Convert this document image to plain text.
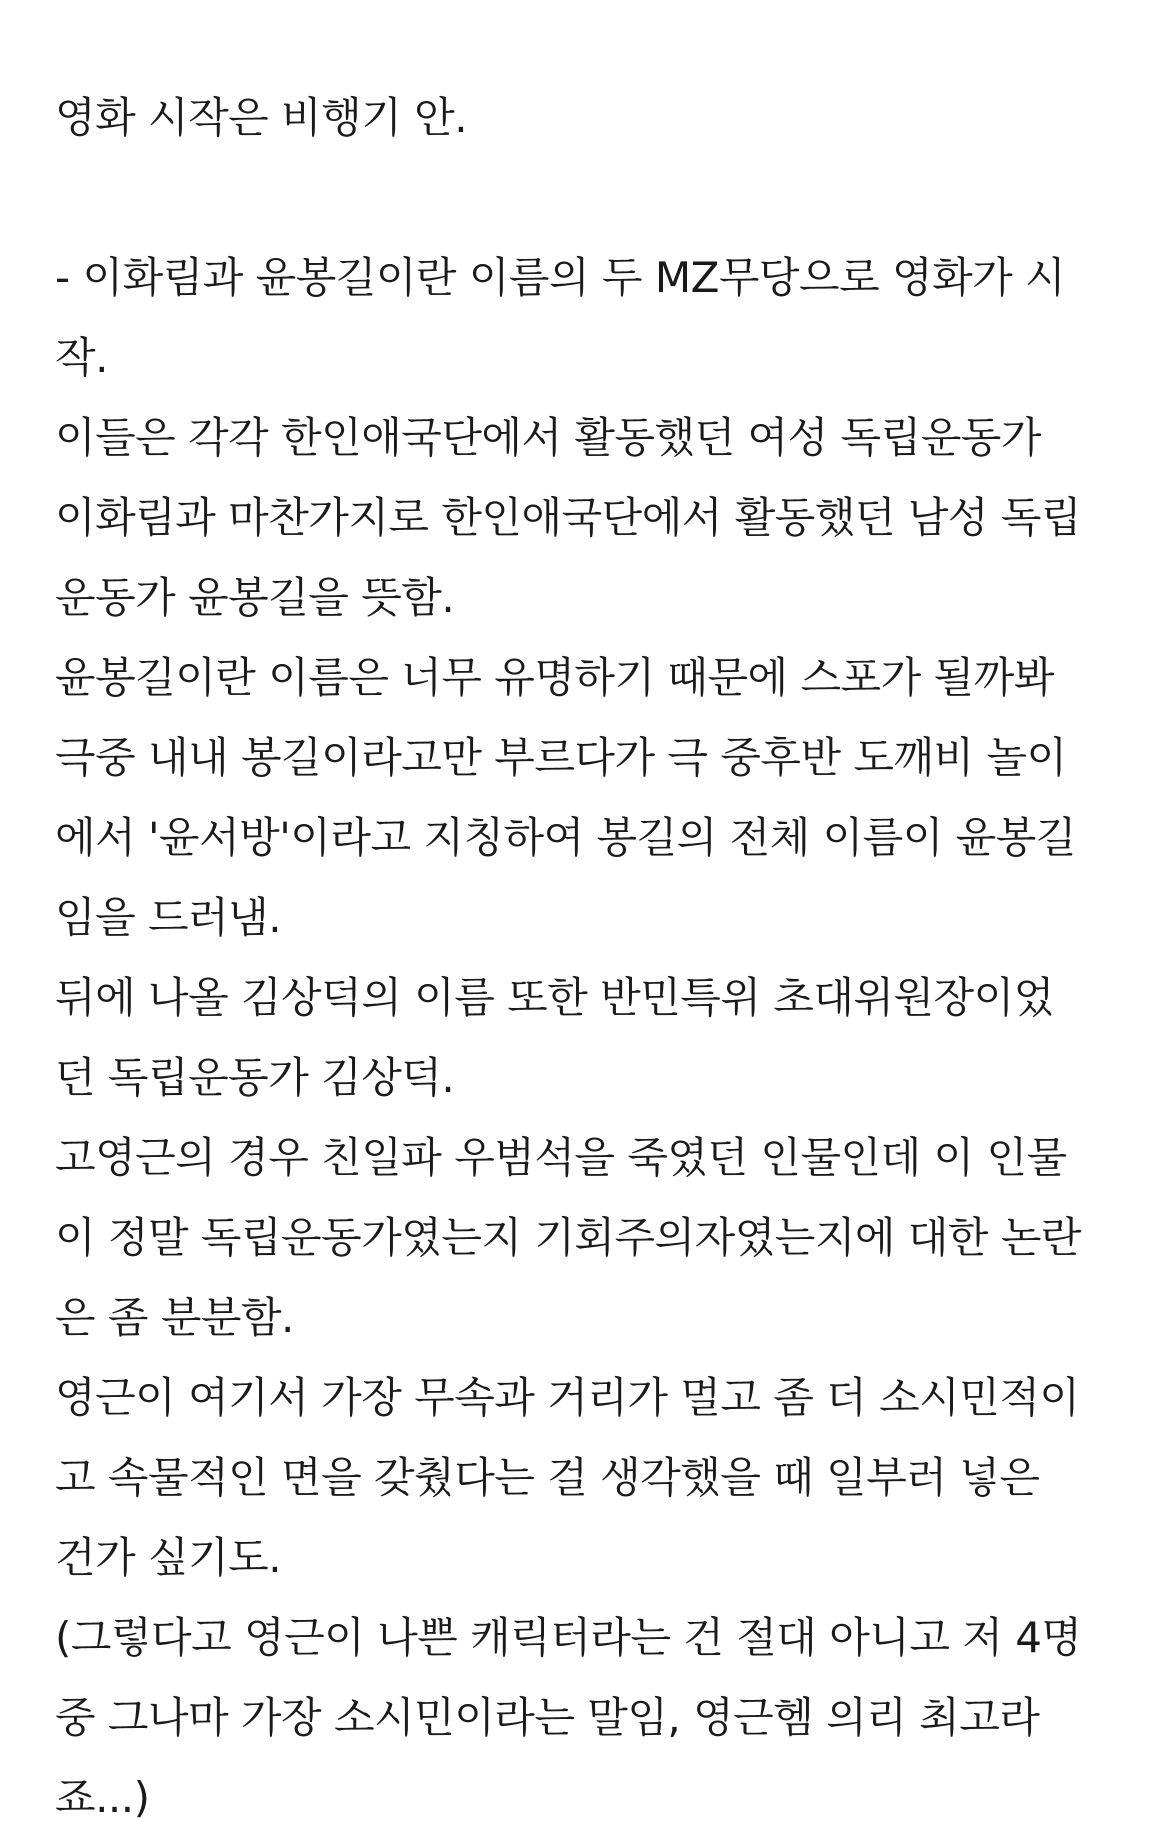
영화 시작은 비행기 안.
- 이화림과 윤봉길이란 이름의 두 MZ무당으로 영화가 시
작.
이들은 각각 한인애국단에서 활동했던 여성 독립운동가
이화림과 마찬가지로 한인애국단에서 활동했던 남성 독립
운동가 윤봉길을 뜻함.
윤봉길이란 이름은 너무 유명하기 때문에 스포가 될까봐
극중 내내 봉길이라고만 부르다가 극 중후반 도깨비 놀이
에서 '윤서방'이라고 지칭하여 봉길의 전체 이름이 윤봉길
임을 드러냄.
뒤에 나올 김상덕의 이름 또한 반민특위 초대위원장이었
던 독립운동가 김상덕.
고영근의 경우 친일파 우범석을 죽였던 인물인데 이 인물
이 정말 독립운동가였는지 기회주의자였는지에 대한 논란
은 좀 분분함.
영근이 여기서 가장 무속과 거리가 멀고 좀 더 소시민적이
고 속물적인 면을 갖췄다는 걸 생각했을 때 일부러 넣은
건가 싶기도.
(그렇다고 영근이 나쁜 캐릭터라는 건 절대 아니고 저 4명
중 그나마 가장 소시민이라는 말임, 영근헴 의리 최고라
죠...)
